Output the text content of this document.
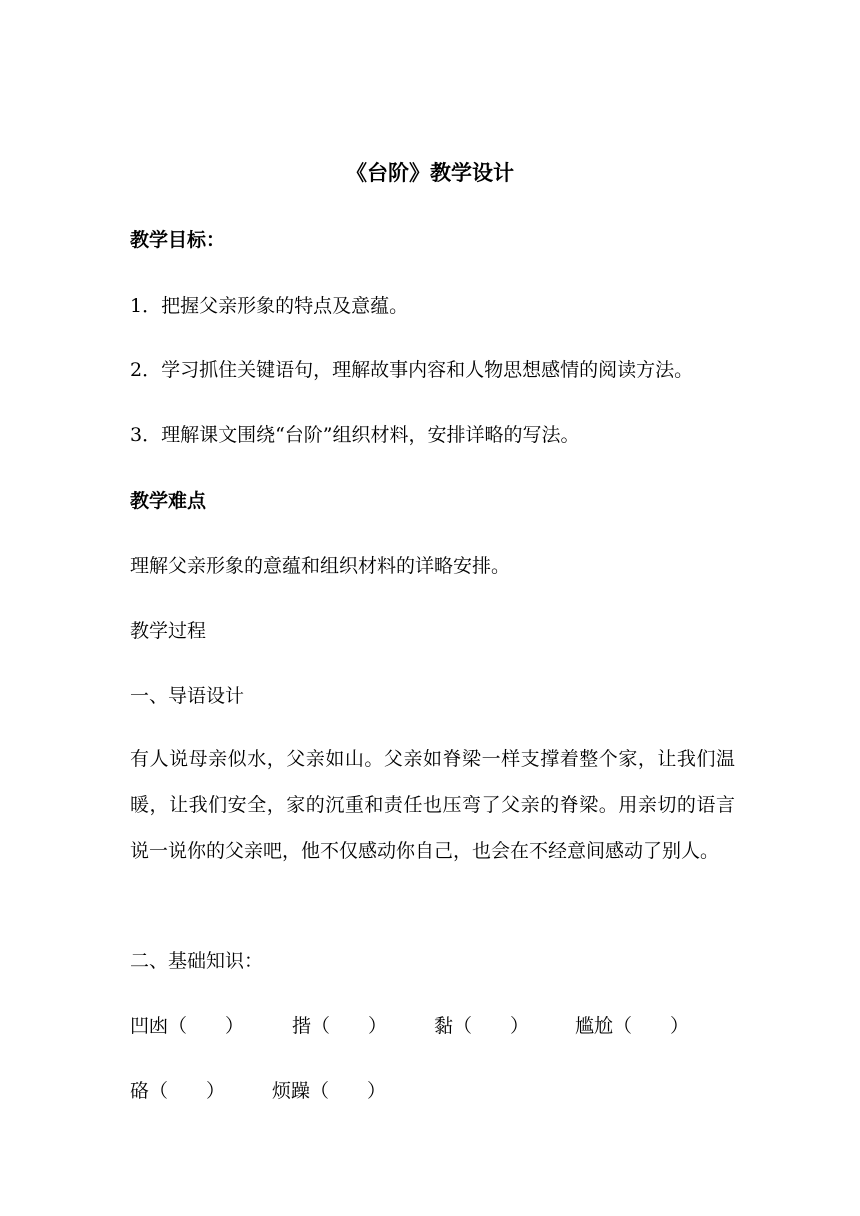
《台阶》教学设计
教学目标：
1．把握父亲形象的特点及意蕴。
2．学习抓住关键语句，理解故事内容和人物思想感情的阅读方法。
3．理解课文围绕“台阶”组织材料，安排详略的写法。
教学难点
理解父亲形象的意蕴和组织材料的详略安排。
教学过程
一、导语设计
有人说母亲似水，父亲如山。父亲如脊梁一样支撑着整个家，让我们温暖，让我们安全，家的沉重和责任也压弯了父亲的脊梁。用亲切的语言说一说你的父亲吧，他不仅感动你自己，也会在不经意间感动了别人。
二、基础知识：
凹凼（　　）	揩（　　） 黏（　　） 尴尬（　　）
硌（　　） 烦躁（　　）
